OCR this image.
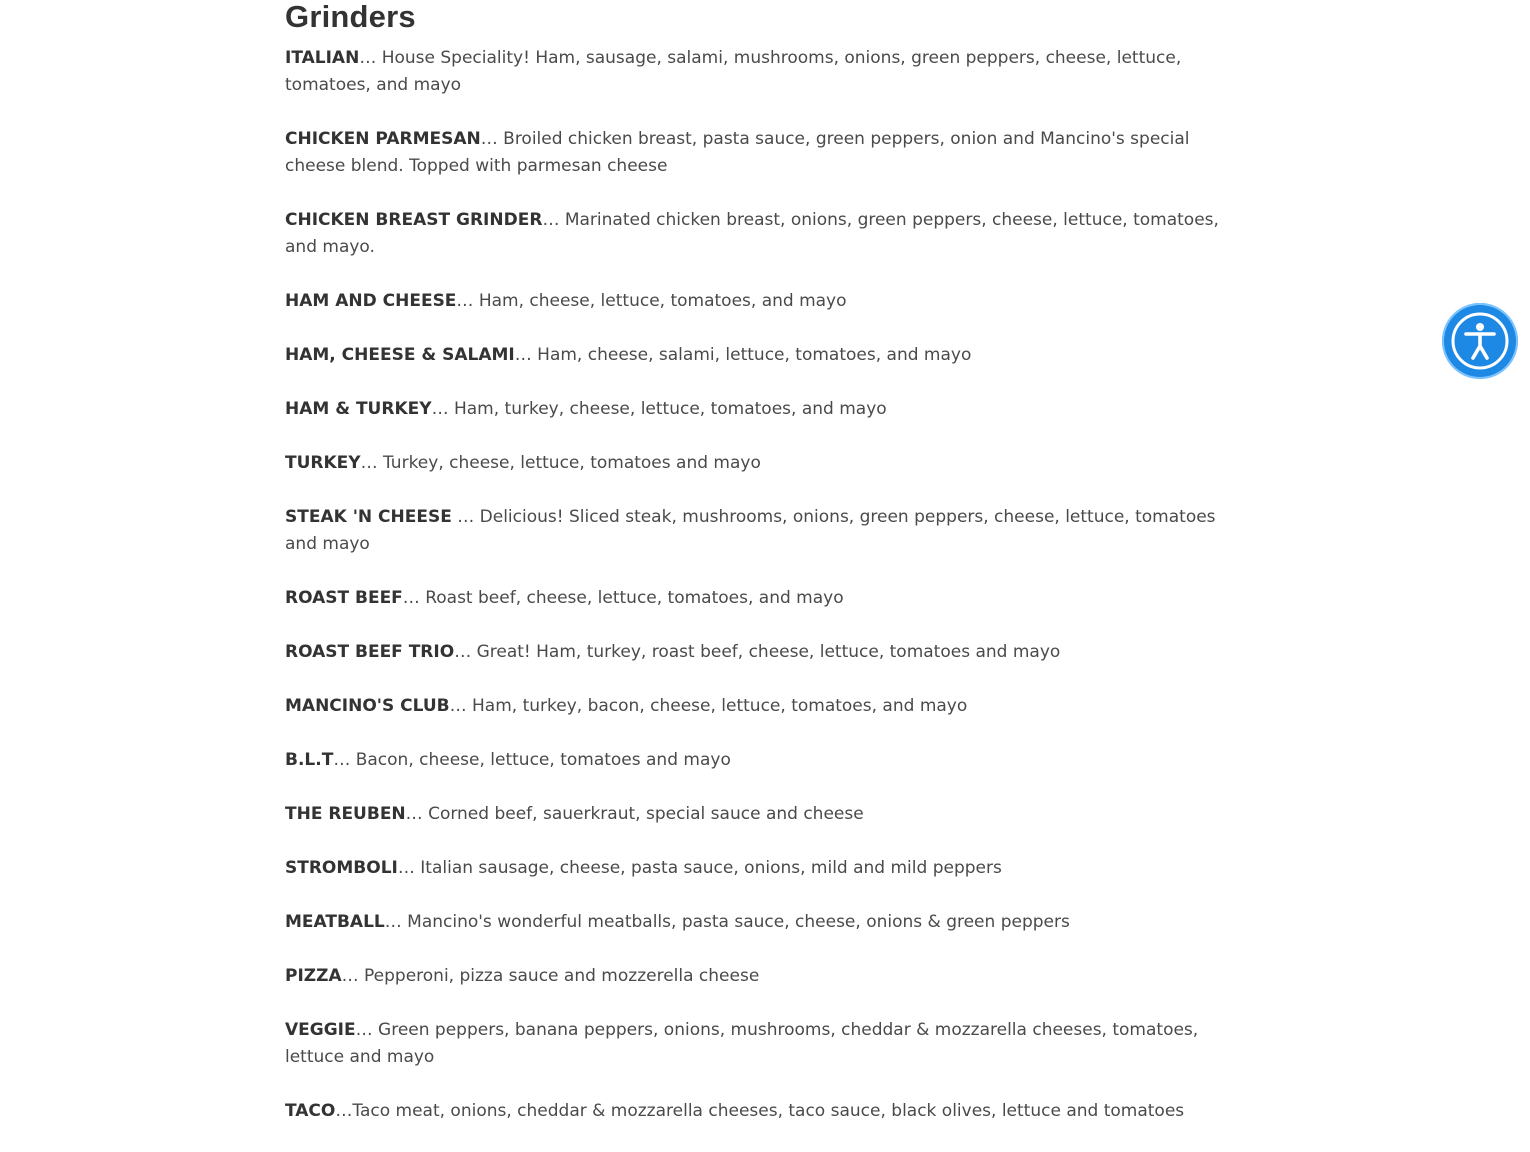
Grinders
ITALIAN… House Speciality! Ham, sausage, salami, mushrooms, onions, green peppers, cheese, lettuce, tomatoes, and mayo
CHICKEN PARMESAN… Broiled chicken breast, pasta sauce, green peppers, onion and Mancino's special cheese blend. Topped with parmesan cheese
CHICKEN BREAST GRINDER… Marinated chicken breast, onions, green peppers, cheese, lettuce, tomatoes, and mayo.
HAM AND CHEESE… Ham, cheese, lettuce, tomatoes, and mayo
HAM, CHEESE & SALAMI… Ham, cheese, salami, lettuce, tomatoes, and mayo
HAM & TURKEY… Ham, turkey, cheese, lettuce, tomatoes, and mayo
TURKEY… Turkey, cheese, lettuce, tomatoes and mayo
STEAK 'N CHEESE … Delicious! Sliced steak, mushrooms, onions, green peppers, cheese, lettuce, tomatoes and mayo
ROAST BEEF… Roast beef, cheese, lettuce, tomatoes, and mayo
ROAST BEEF TRIO… Great! Ham, turkey, roast beef, cheese, lettuce, tomatoes and mayo
MANCINO'S CLUB… Ham, turkey, bacon, cheese, lettuce, tomatoes, and mayo
B.L.T… Bacon, cheese, lettuce, tomatoes and mayo
THE REUBEN… Corned beef, sauerkraut, special sauce and cheese
STROMBOLI… Italian sausage, cheese, pasta sauce, onions, mild and mild peppers
MEATBALL… Mancino's wonderful meatballs, pasta sauce, cheese, onions & green peppers
PIZZA… Pepperoni, pizza sauce and mozzerella cheese
VEGGIE… Green peppers, banana peppers, onions, mushrooms, cheddar & mozzarella cheeses, tomatoes, lettuce and mayo
TACO…Taco meat, onions, cheddar & mozzarella cheeses, taco sauce, black olives, lettuce and tomatoes
